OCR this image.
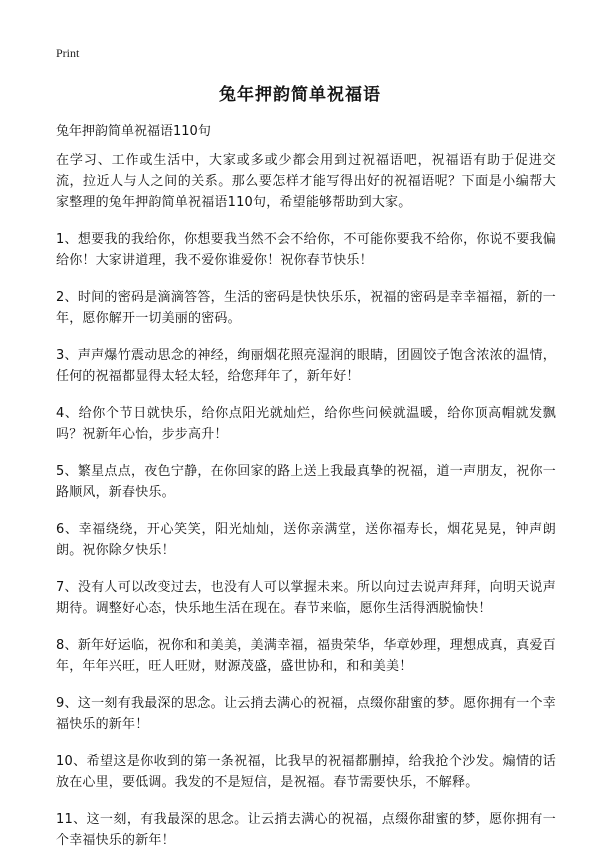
Print
兔年押韵简单祝福语
兔年押韵简单祝福语110句

在学习、工作或生活中，大家或多或少都会用到过祝福语吧，祝福语有助于促进交流，拉近人与人之间的关系。那么要怎样才能写得出好的祝福语呢？下面是小编帮大家整理的兔年押韵简单祝福语110句，希望能够帮助到大家。

1、想要我的我给你，你想要我当然不会不给你，不可能你要我不给你，你说不要我偏给你！大家讲道理，我不爱你谁爱你！祝你春节快乐！

2、时间的密码是滴滴答答，生活的密码是快快乐乐，祝福的密码是幸幸福福，新的一年，愿你解开一切美丽的密码。

3、声声爆竹震动思念的神经，绚丽烟花照亮湿润的眼睛，团圆饺子饱含浓浓的温情，任何的祝福都显得太轻太轻，给您拜年了，新年好！

4、给你个节日就快乐，给你点阳光就灿烂，给你些问候就温暖，给你顶高帽就发飘吗？祝新年心怡，步步高升！

5、繁星点点，夜色宁静，在你回家的路上送上我最真挚的祝福，道一声朋友，祝你一路顺风，新春快乐。

6、幸福绕绕，开心笑笑，阳光灿灿，送你亲满堂，送你福寿长，烟花晃晃，钟声朗朗。祝你除夕快乐！

7、没有人可以改变过去，也没有人可以掌握未来。所以向过去说声拜拜，向明天说声期待。调整好心态，快乐地生活在现在。春节来临，愿你生活得洒脱愉快！

8、新年好运临，祝你和和美美，美满幸福，福贵荣华，华章妙理，理想成真，真爱百年，年年兴旺，旺人旺财，财源茂盛，盛世协和，和和美美！

9、这一刻有我最深的思念。让云捎去满心的祝福，点缀你甜蜜的梦。愿你拥有一个幸福快乐的新年！

10、希望这是你收到的第一条祝福，比我早的祝福都删掉，给我抢个沙发。煽情的话放在心里，要低调。我发的不是短信，是祝福。春节需要快乐，不解释。

11、这一刻，有我最深的思念。让云捎去满心的祝福，点缀你甜蜜的梦，愿你拥有一个幸福快乐的新年！
